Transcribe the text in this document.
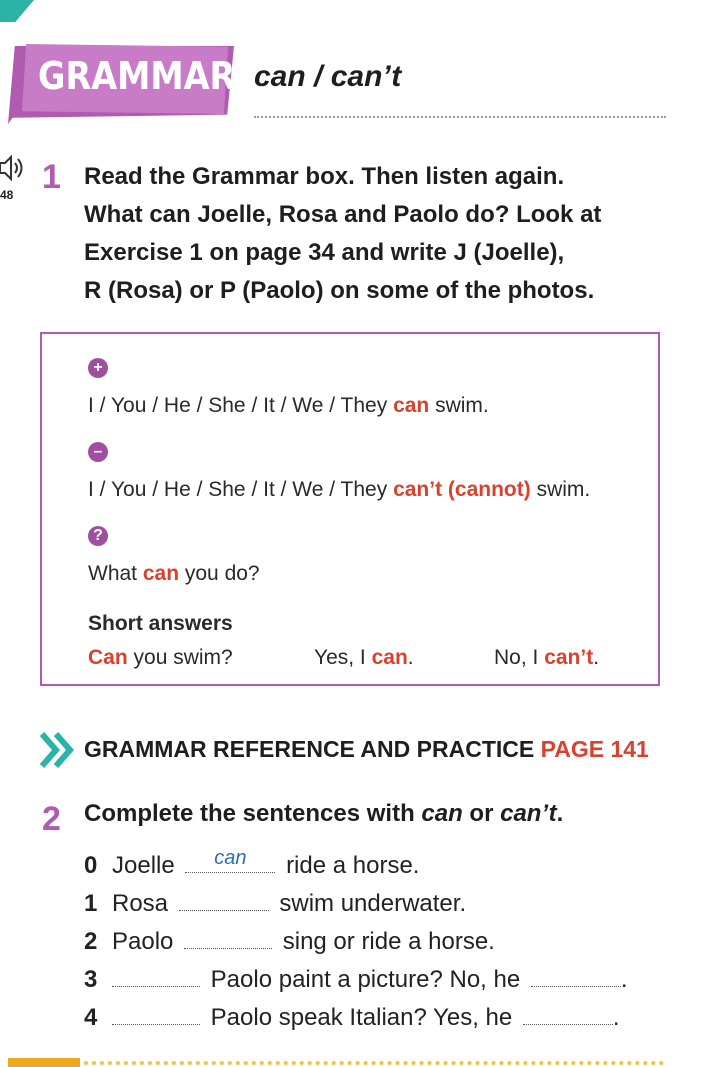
GRAMMAR can / can’t
48 1 Read the Grammar box. Then listen again.
What can Joelle, Rosa and Paolo do? Look at
Exercise 1 on page 34 and write J (Joelle),
R (Rosa) or P (Paolo) on some of the photos.
+
I / You / He / She / It / We / They can swim.
–
I / You / He / She / It / We / They can’t (cannot) swim.
?
What can you do?
Short answers
Can you swim?	Yes, I can.	No, I can’t.
GRAMMAR REFERENCE AND PRACTICE PAGE 141
2 Complete the sentences with can or can’t.
0 Joelle	can	ride a horse.
1 Rosa	swim underwater.
2 Paolo	sing or ride a horse.
3	Paolo paint a picture? No, he	.
4	Paolo speak Italian? Yes, he	.
